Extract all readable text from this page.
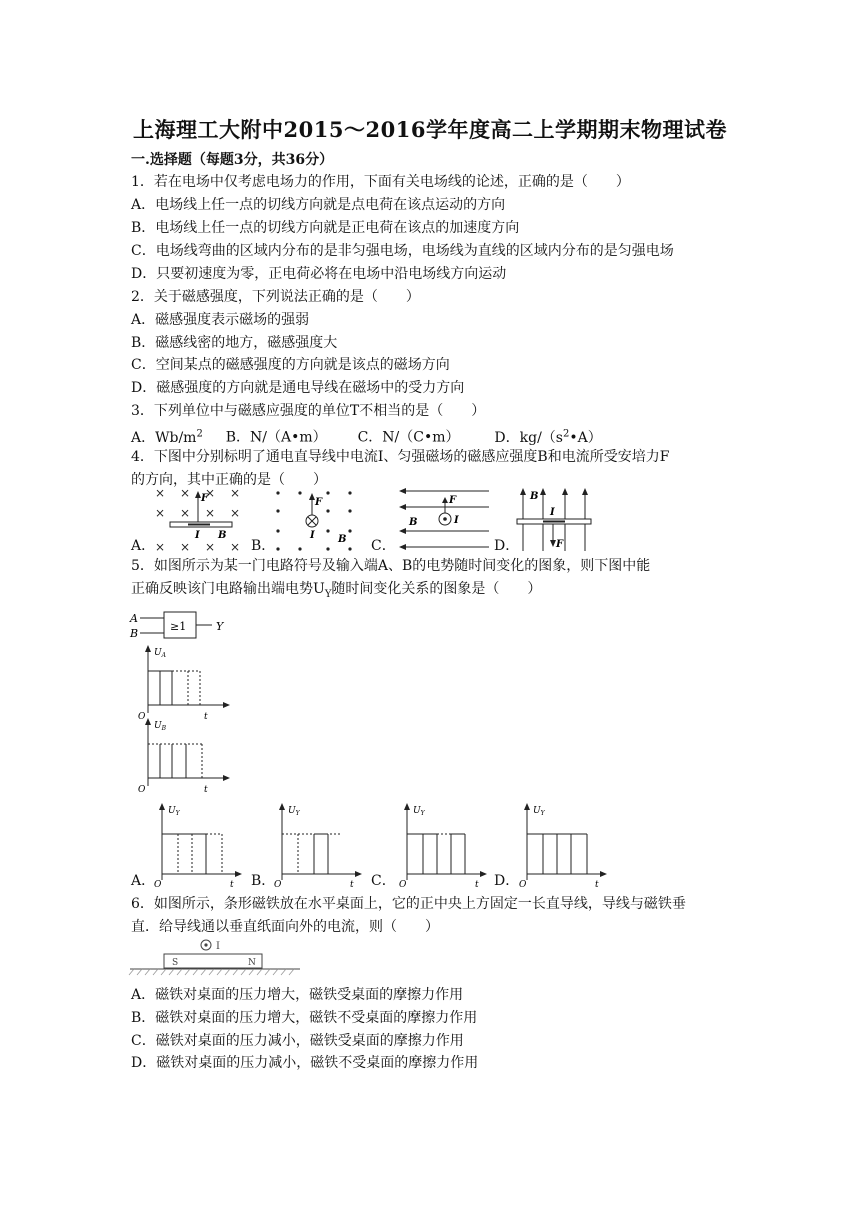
上海理工大附中2015～2016学年度高二上学期期末物理试卷
一.选择题（每题3分，共36分）
1．若在电场中仅考虑电场力的作用，下面有关电场线的论述，正确的是（　　）
A．电场线上任一点的切线方向就是点电荷在该点运动的方向
B．电场线上任一点的切线方向就是正电荷在该点的加速度方向
C．电场线弯曲的区域内分布的是非匀强电场，电场线为直线的区域内分布的是匀强电场
D．只要初速度为零，正电荷必将在电场中沿电场线方向运动
2．关于磁感强度，下列说法正确的是（　　）
A．磁感强度表示磁场的强弱
B．磁感线密的地方，磁感强度大
C．空间某点的磁感强度的方向就是该点的磁场方向
D．磁感强度的方向就是通电导线在磁场中的受力方向
3．下列单位中与磁感应强度的单位T不相当的是（　　）
A．$Wb/m^2$ B．N/（A•m） C．N/（C•m） D．$kg/(s^2•A)$
4．下图中分别标明了通电直导线中电流I、匀强磁场的磁感应强度B和电流所受安培力F
的方向，其中正确的是（　　）
A．	B．	C．	D．
× × × ×
× × × ×
× × × ×
F
I B
F
I B
F
I
B
B
I
F
5．如图所示为某一门电路符号及输入端A、B的电势随时间变化的图象，则下图中能
正确反映该门电路输出端电势$U_Y$随时间变化关系的图象是（　　）
A
B
≥1	Y
$U_A$
O	t
$U_B$
O	t
$U_Y$
O	t
A．
$U_Y$
O	t
B．
$U_Y$
O	t
C．
$U_Y$
O	t
D．
6．如图所示，条形磁铁放在水平桌面上，它的正中央上方固定一长直导线，导线与磁铁垂
直．给导线通以垂直纸面向外的电流，则（　　）
I
S	N
A．磁铁对桌面的压力增大，磁铁受桌面的摩擦力作用
B．磁铁对桌面的压力增大，磁铁不受桌面的摩擦力作用
C．磁铁对桌面的压力减小，磁铁受桌面的摩擦力作用
D．磁铁对桌面的压力减小，磁铁不受桌面的摩擦力作用
